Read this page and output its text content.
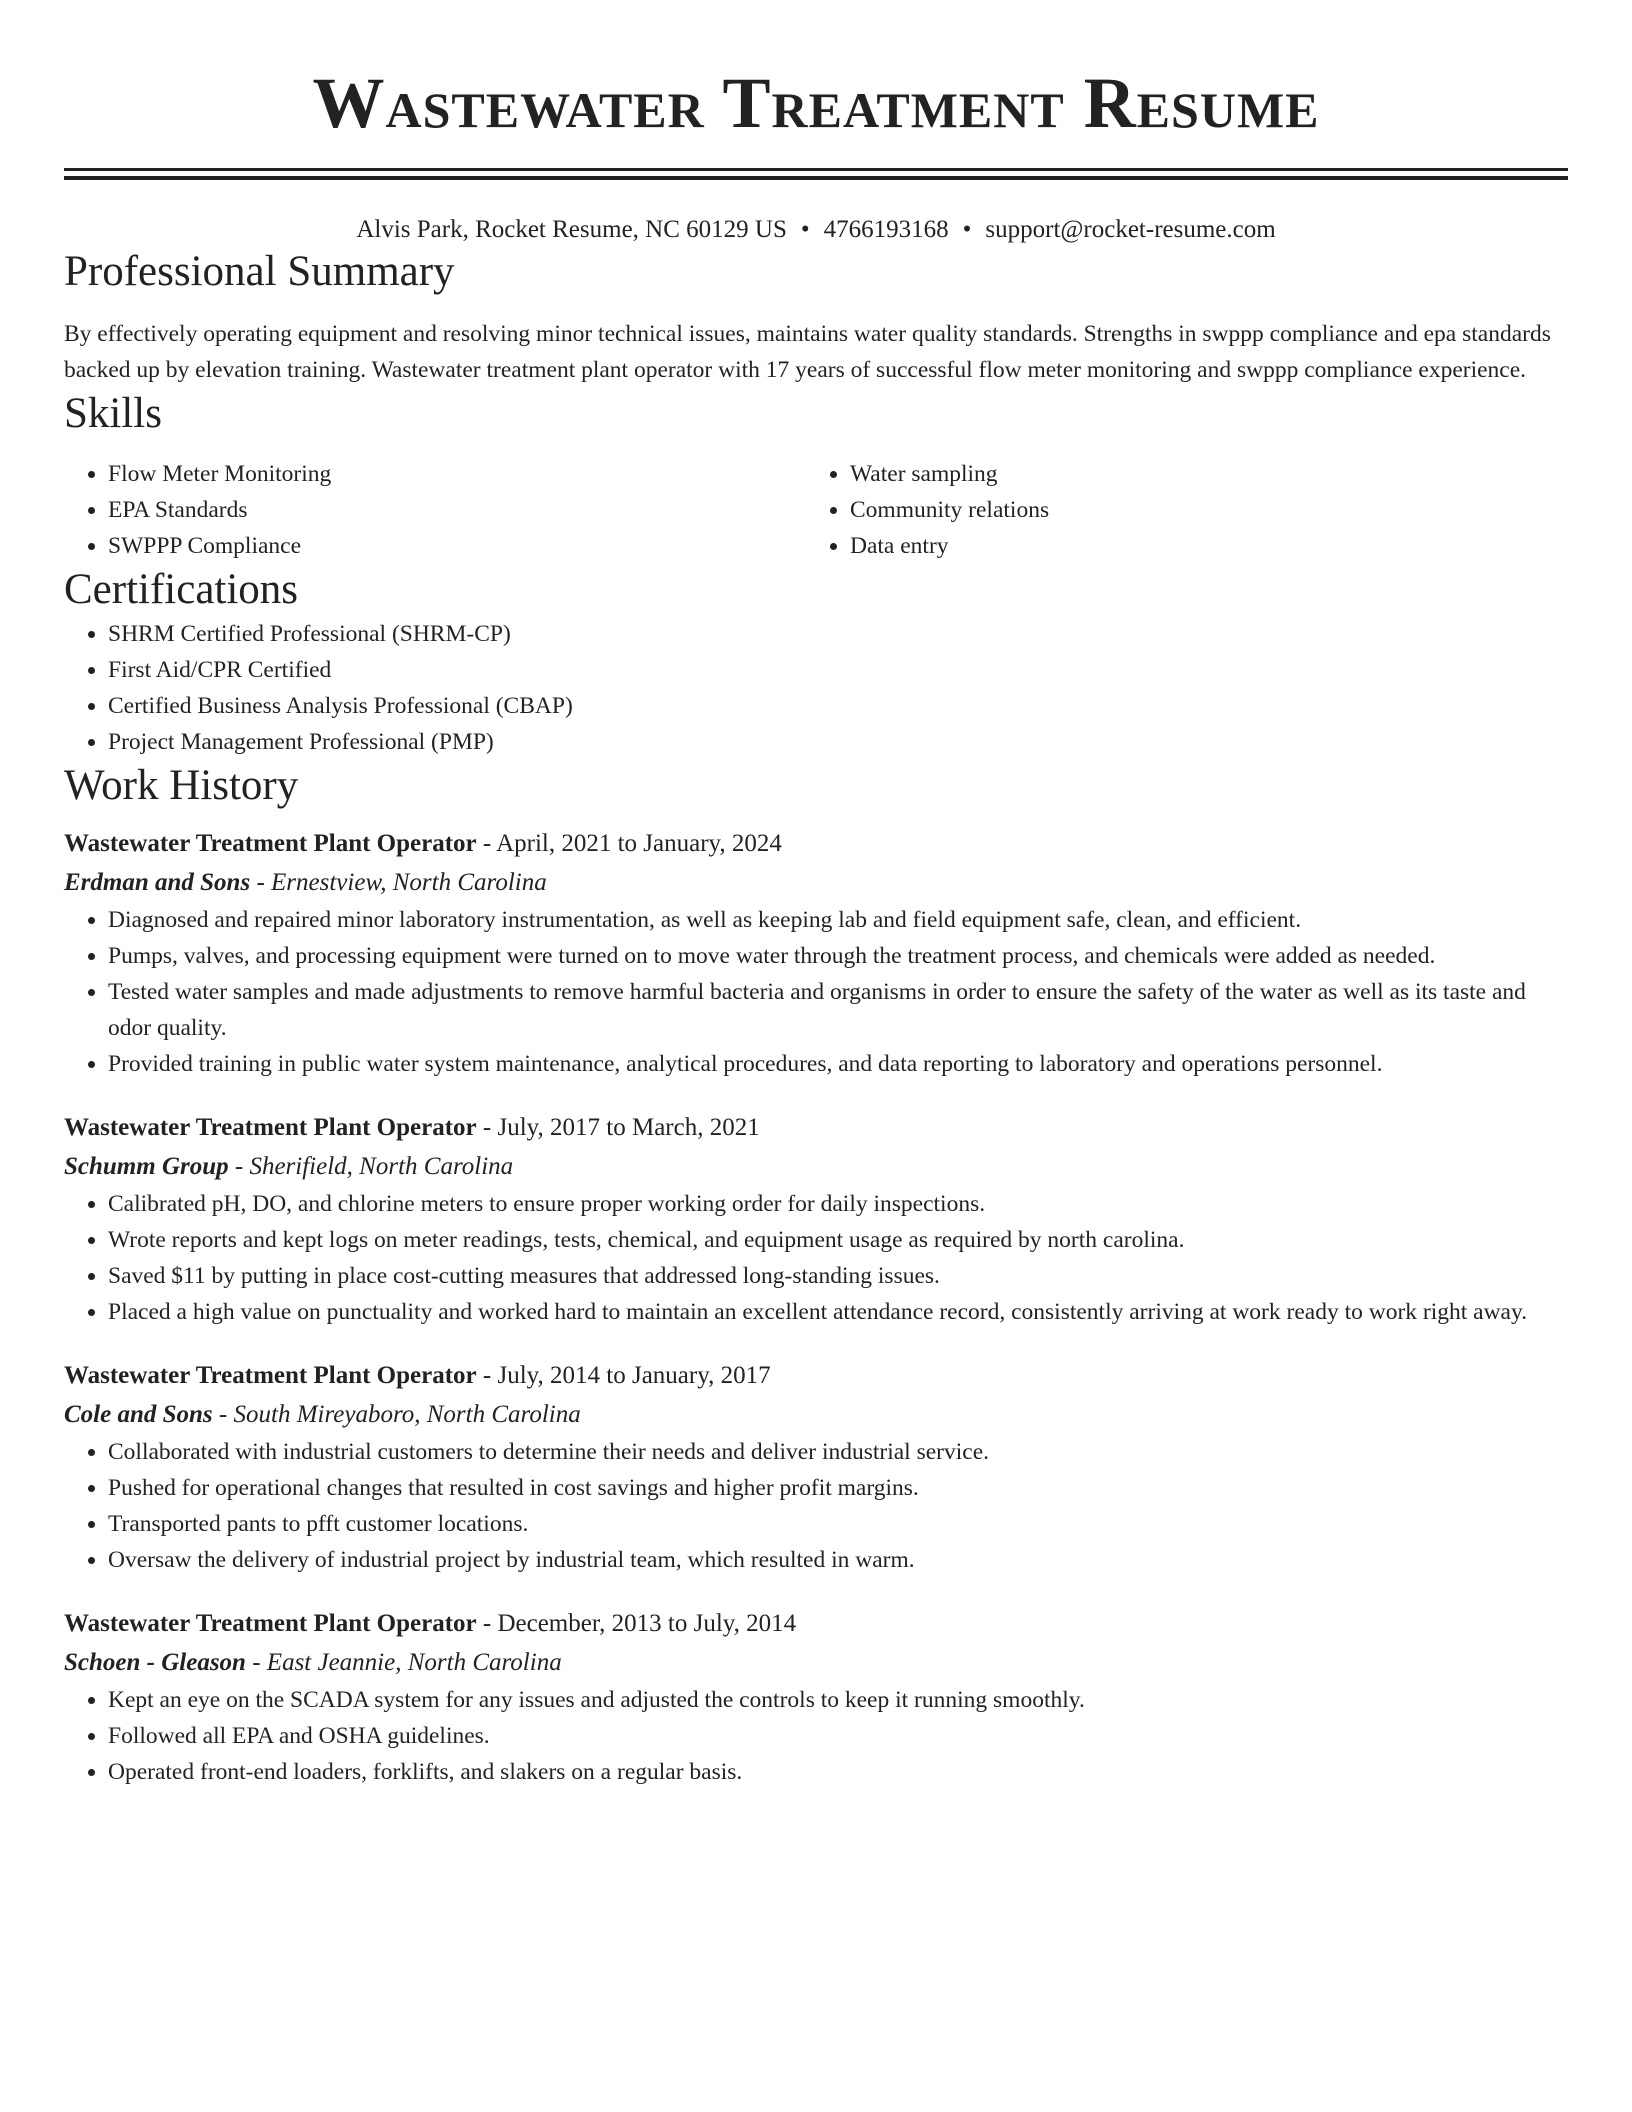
Wastewater Treatment Resume
Alvis Park, Rocket Resume, NC 60129 US • 4766193168 • support@rocket-resume.com
Professional Summary
By effectively operating equipment and resolving minor technical issues, maintains water quality standards. Strengths in swppp compliance and epa standards backed up by elevation training. Wastewater treatment plant operator with 17 years of successful flow meter monitoring and swppp compliance experience.
Skills
• Flow Meter Monitoring
• EPA Standards
• SWPPP Compliance
• Water sampling
• Community relations
• Data entry
Certifications
• SHRM Certified Professional (SHRM-CP)
• First Aid/CPR Certified
• Certified Business Analysis Professional (CBAP)
• Project Management Professional (PMP)
Work History
Wastewater Treatment Plant Operator - April, 2021 to January, 2024
Erdman and Sons - Ernestview, North Carolina
• Diagnosed and repaired minor laboratory instrumentation, as well as keeping lab and field equipment safe, clean, and efficient.
• Pumps, valves, and processing equipment were turned on to move water through the treatment process, and chemicals were added as needed.
• Tested water samples and made adjustments to remove harmful bacteria and organisms in order to ensure the safety of the water as well as its taste and odor quality.
• Provided training in public water system maintenance, analytical procedures, and data reporting to laboratory and operations personnel.
Wastewater Treatment Plant Operator - July, 2017 to March, 2021
Schumm Group - Sherifield, North Carolina
• Calibrated pH, DO, and chlorine meters to ensure proper working order for daily inspections.
• Wrote reports and kept logs on meter readings, tests, chemical, and equipment usage as required by north carolina.
• Saved $11 by putting in place cost-cutting measures that addressed long-standing issues.
• Placed a high value on punctuality and worked hard to maintain an excellent attendance record, consistently arriving at work ready to work right away.
Wastewater Treatment Plant Operator - July, 2014 to January, 2017
Cole and Sons - South Mireyaboro, North Carolina
• Collaborated with industrial customers to determine their needs and deliver industrial service.
• Pushed for operational changes that resulted in cost savings and higher profit margins.
• Transported pants to pfft customer locations.
• Oversaw the delivery of industrial project by industrial team, which resulted in warm.
Wastewater Treatment Plant Operator - December, 2013 to July, 2014
Schoen - Gleason - East Jeannie, North Carolina
• Kept an eye on the SCADA system for any issues and adjusted the controls to keep it running smoothly.
• Followed all EPA and OSHA guidelines.
• Operated front-end loaders, forklifts, and slakers on a regular basis.
